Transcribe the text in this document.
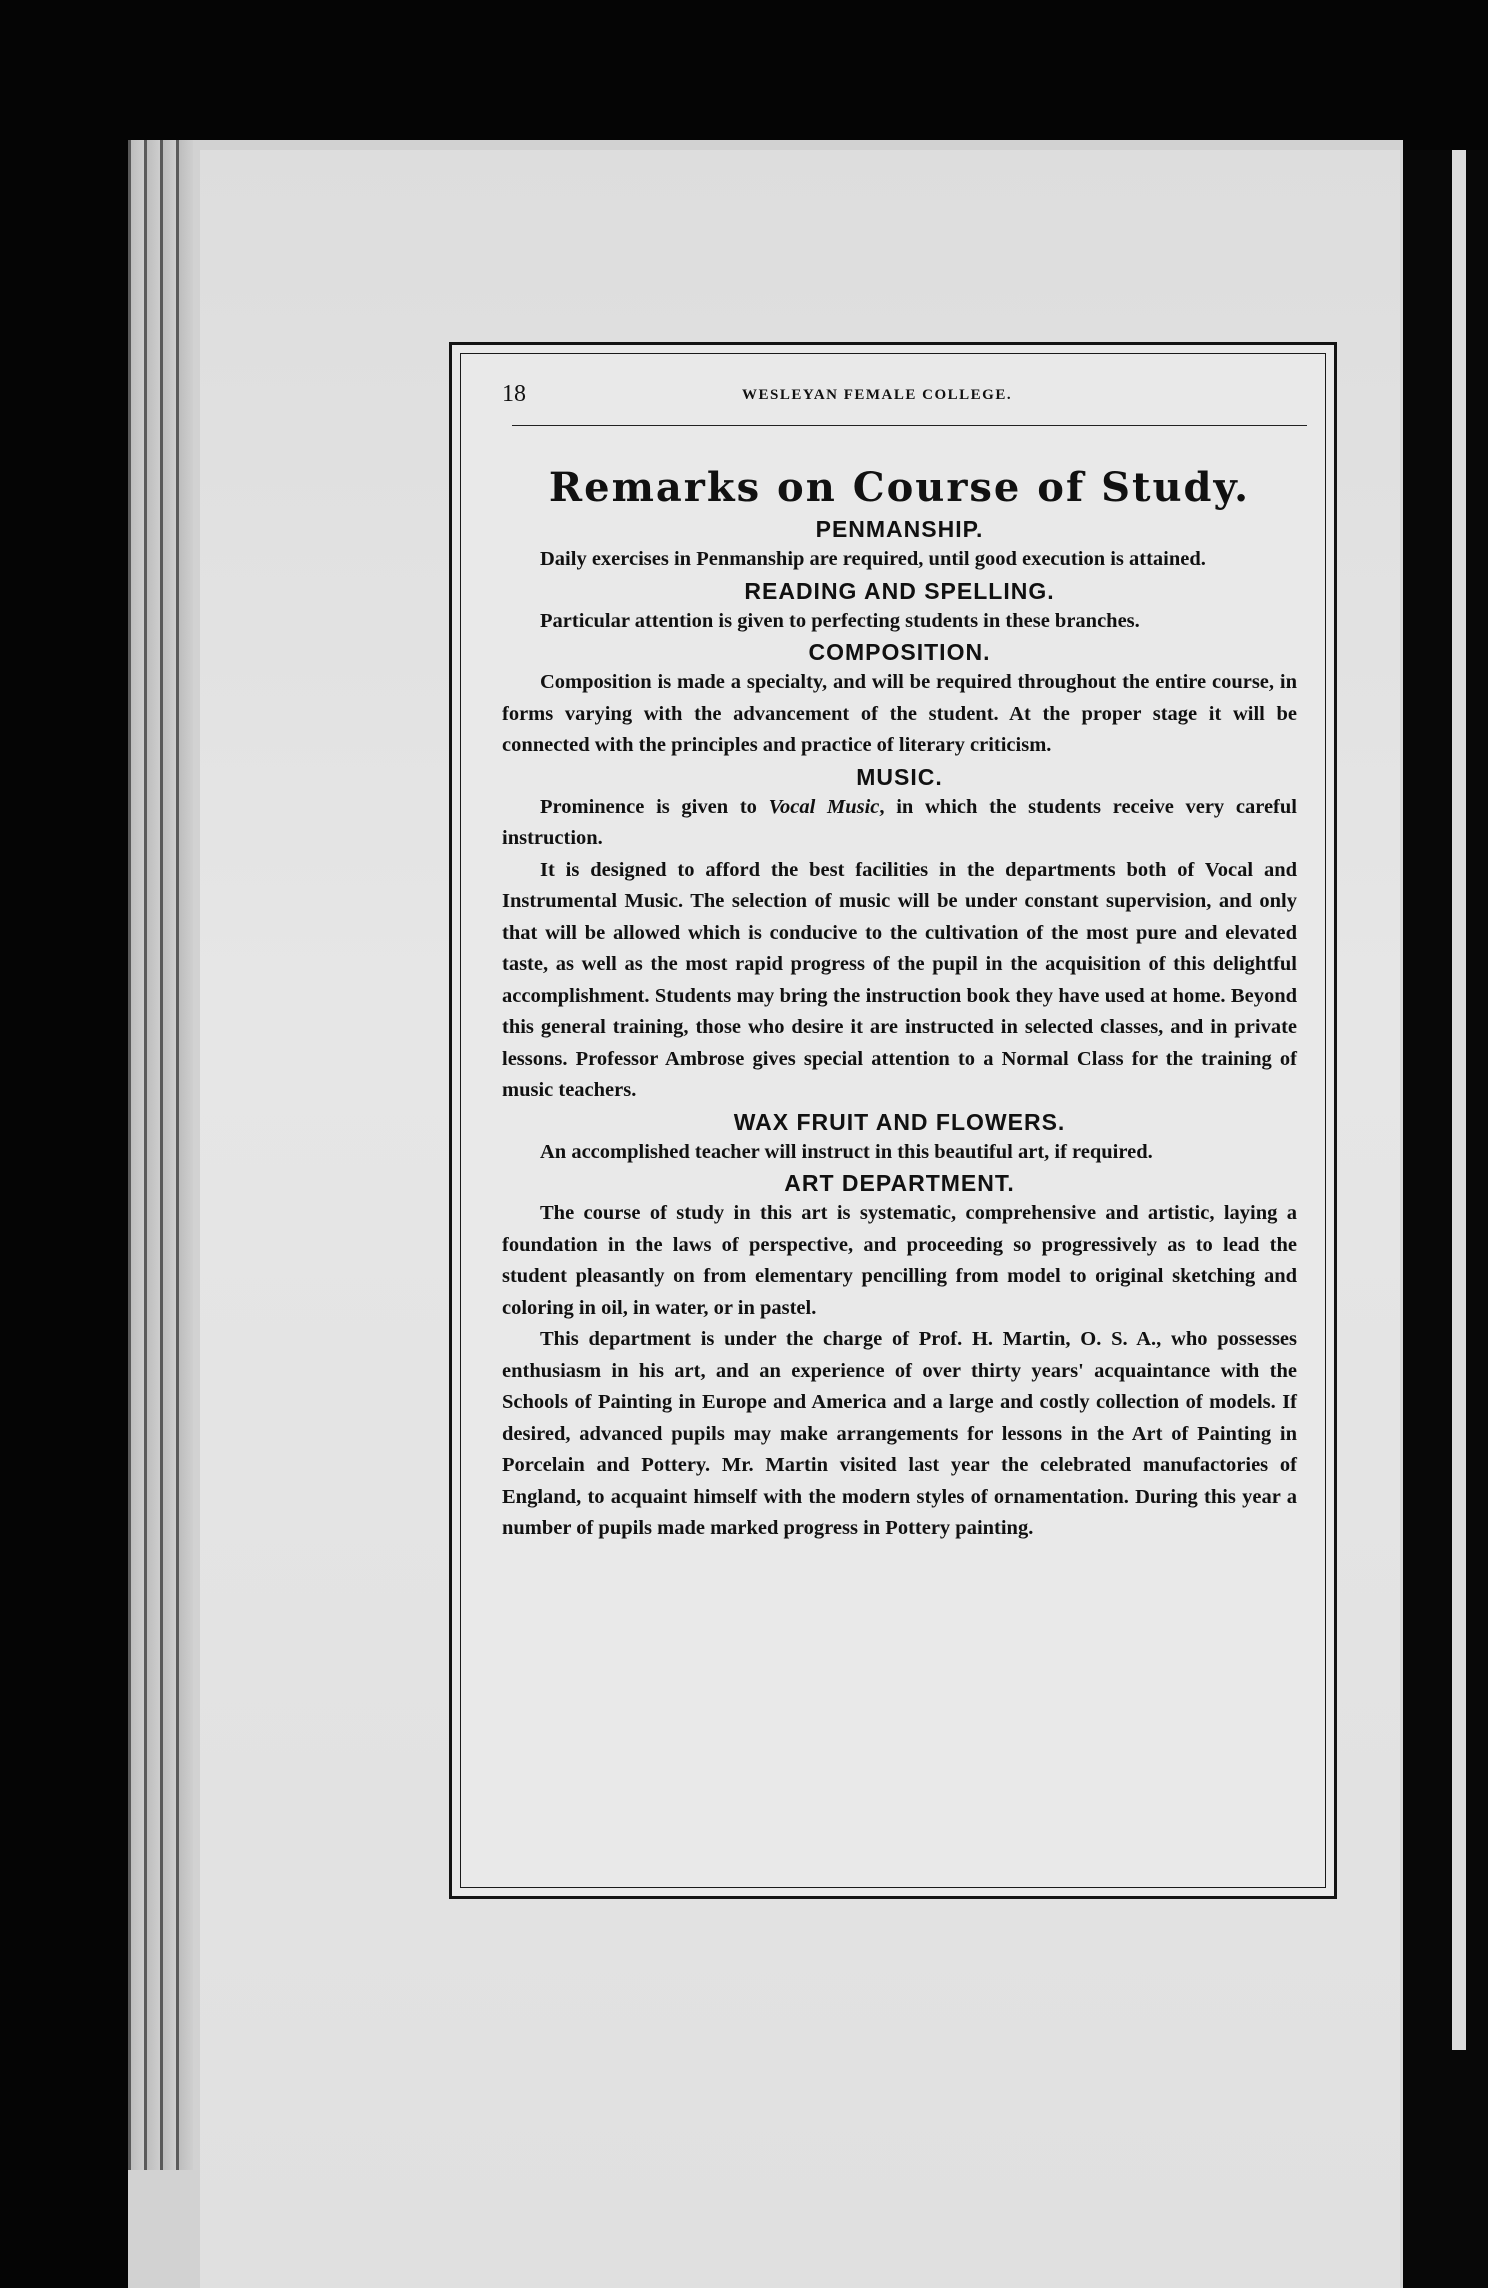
18	WESLEYAN FEMALE COLLEGE.
Remarks on Course of Study.
PENMANSHIP.

Daily exercises in Penmanship are required, until good execution is attained.

READING AND SPELLING.

Particular attention is given to perfecting students in these branches.

COMPOSITION.

Composition is made a specialty, and will be required throughout the entire course, in forms varying with the advancement of the student. At the proper stage it will be connected with the principles and practice of literary criticism.

MUSIC.

Prominence is given to Vocal Music, in which the students receive very careful instruction.

It is designed to afford the best facilities in the departments both of Vocal and Instrumental Music. The selection of music will be under constant supervision, and only that will be allowed which is conducive to the cultivation of the most pure and elevated taste, as well as the most rapid progress of the pupil in the acquisition of this delightful accomplishment. Students may bring the instruction book they have used at home. Beyond this general training, those who desire it are instructed in selected classes, and in private lessons. Professor Ambrose gives special attention to a Normal Class for the training of music teachers.

WAX FRUIT AND FLOWERS.

An accomplished teacher will instruct in this beautiful art, if required.

ART DEPARTMENT.

The course of study in this art is systematic, comprehensive and artistic, laying a foundation in the laws of perspective, and proceeding so progressively as to lead the student pleasantly on from elementary pencilling from model to original sketching and coloring in oil, in water, or in pastel.

This department is under the charge of Prof. H. Martin, O. S. A., who possesses enthusiasm in his art, and an experience of over thirty years' acquaintance with the Schools of Painting in Europe and America and a large and costly collection of models. If desired, advanced pupils may make arrangements for lessons in the Art of Painting in Porcelain and Pottery. Mr. Martin visited last year the celebrated manufactories of England, to acquaint himself with the modern styles of ornamentation. During this year a number of pupils made marked progress in Pottery painting.
